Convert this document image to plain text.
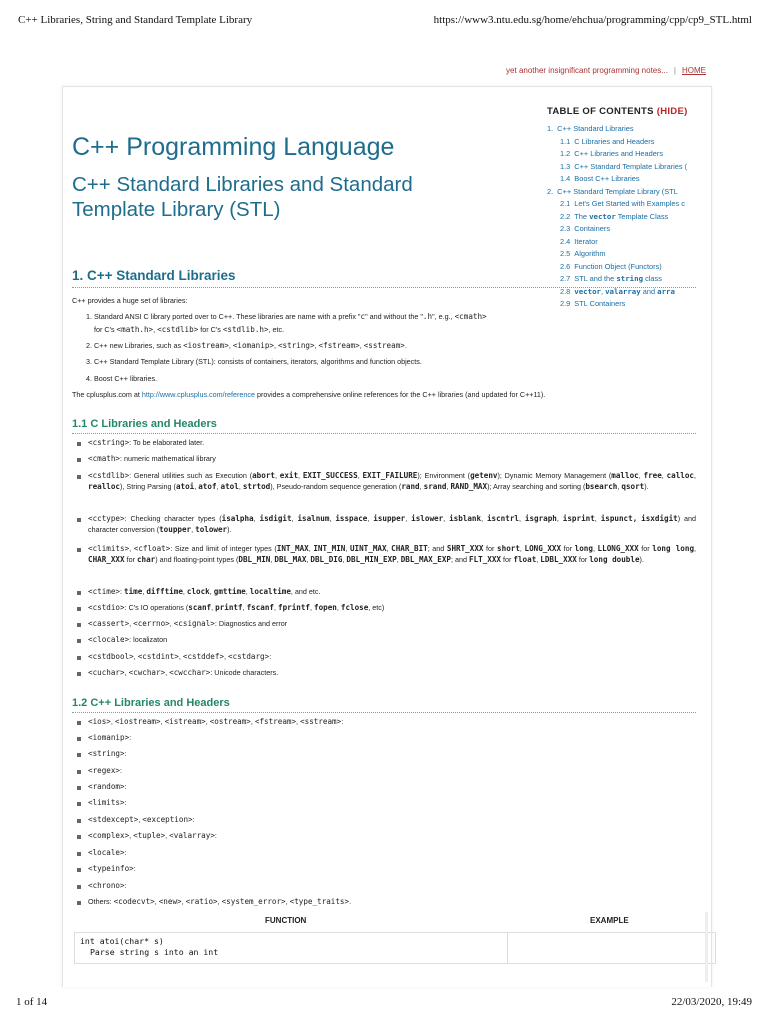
C++ Libraries, String and Standard Template Library	https://www3.ntu.edu.sg/home/ehchua/programming/cpp/cp9_STL.html
yet another insignificant programming notes... | HOME
TABLE OF CONTENTS (HIDE)
1. C++ Standard Libraries
1.1 C Libraries and Headers
1.2 C++ Libraries and Headers
1.3 C++ Standard Template Libraries (
1.4 Boost C++ Libraries
2. C++ Standard Template Library (STL
2.1 Let's Get Started with Examples c
2.2 The vector Template Class
2.3 Containers
2.4 Iterator
2.5 Algorithm
2.6 Function Object (Functors)
2.7 STL and the string class
2.8 vector, valarray and arra
2.9 STL Containers
C++ Programming Language
C++ Standard Libraries and Standard Template Library (STL)
1. C++ Standard Libraries
C++ provides a huge set of libraries:
1. Standard ANSI C library ported over to C++. These libraries are name with a prefix "c" and without the ".h", e.g., <cmath>
for C's <math.h>, <cstdlib> for C's <stdlib.h>, etc.
2. C++ new Libraries, such as <iostream>, <iomanip>, <string>, <fstream>, <sstream>.
3. C++ Standard Template Library (STL): consists of containers, iterators, algorithms and function objects.
4. Boost C++ libraries.
The cplusplus.com at http://www.cplusplus.com/reference provides a comprehensive online references for the C++ libraries (and updated for C++11).
1.1 C Libraries and Headers
<cstring>: To be elaborated later.
<cmath>: numeric mathematical library
<cstdlib>: General utilities such as Execution (abort, exit, EXIT_SUCCESS, EXIT_FAILURE); Environment (getenv); Dynamic Memory Management (malloc, free, calloc, realloc), String Parsing (atoi, atof, atol, strtod), Pseudo-random sequence generation (rand, srand, RAND_MAX); Array searching and sorting (bsearch, qsort).
<cctype>: Checking character types (isalpha, isdigit, isalnum, isspace, isupper, islower, isblank, iscntrl, isgraph, isprint, ispunct, isxdigit) and character conversion (toupper, tolower).
<climits>, <cfloat>: Size and limit of integer types (INT_MAX, INT_MIN, UINT_MAX, CHAR_BIT; and SHRT_XXX for short, LONG_XXX for long, LLONG_XXX for long long, CHAR_XXX for char) and floating-point types (DBL_MIN, DBL_MAX, DBL_DIG, DBL_MIN_EXP, DBL_MAX_EXP; and FLT_XXX for float, LDBL_XXX for long double).
<ctime>: time, difftime, clock, gmttime, localtime, and etc.
<cstdio>: C's IO operations (scanf, printf, fscanf, fprintf, fopen, fclose, etc)
<cassert>, <cerrno>, <csignal>: Diagnostics and error
<clocale>: localizaton
<cstdbool>, <cstdint>, <cstddef>, <cstdarg>:
<cuchar>, <cwchar>, <cwcchar>: Unicode characters.
1.2 C++ Libraries and Headers
<ios>, <iostream>, <istream>, <ostream>, <fstream>, <sstream>:
<iomanip>:
<string>:
<regex>:
<random>:
<limits>:
<stdexcept>, <exception>:
<complex>, <tuple>, <valarray>:
<locale>:
<typeinfo>:
<chrono>:
Others: <codecvt>, <new>, <ratio>, <system_error>, <type_traits>.
FUNCTION	EXAMPLE
int atoi(char* s)
Parse string s into an int
1 of 14	22/03/2020, 19:49
